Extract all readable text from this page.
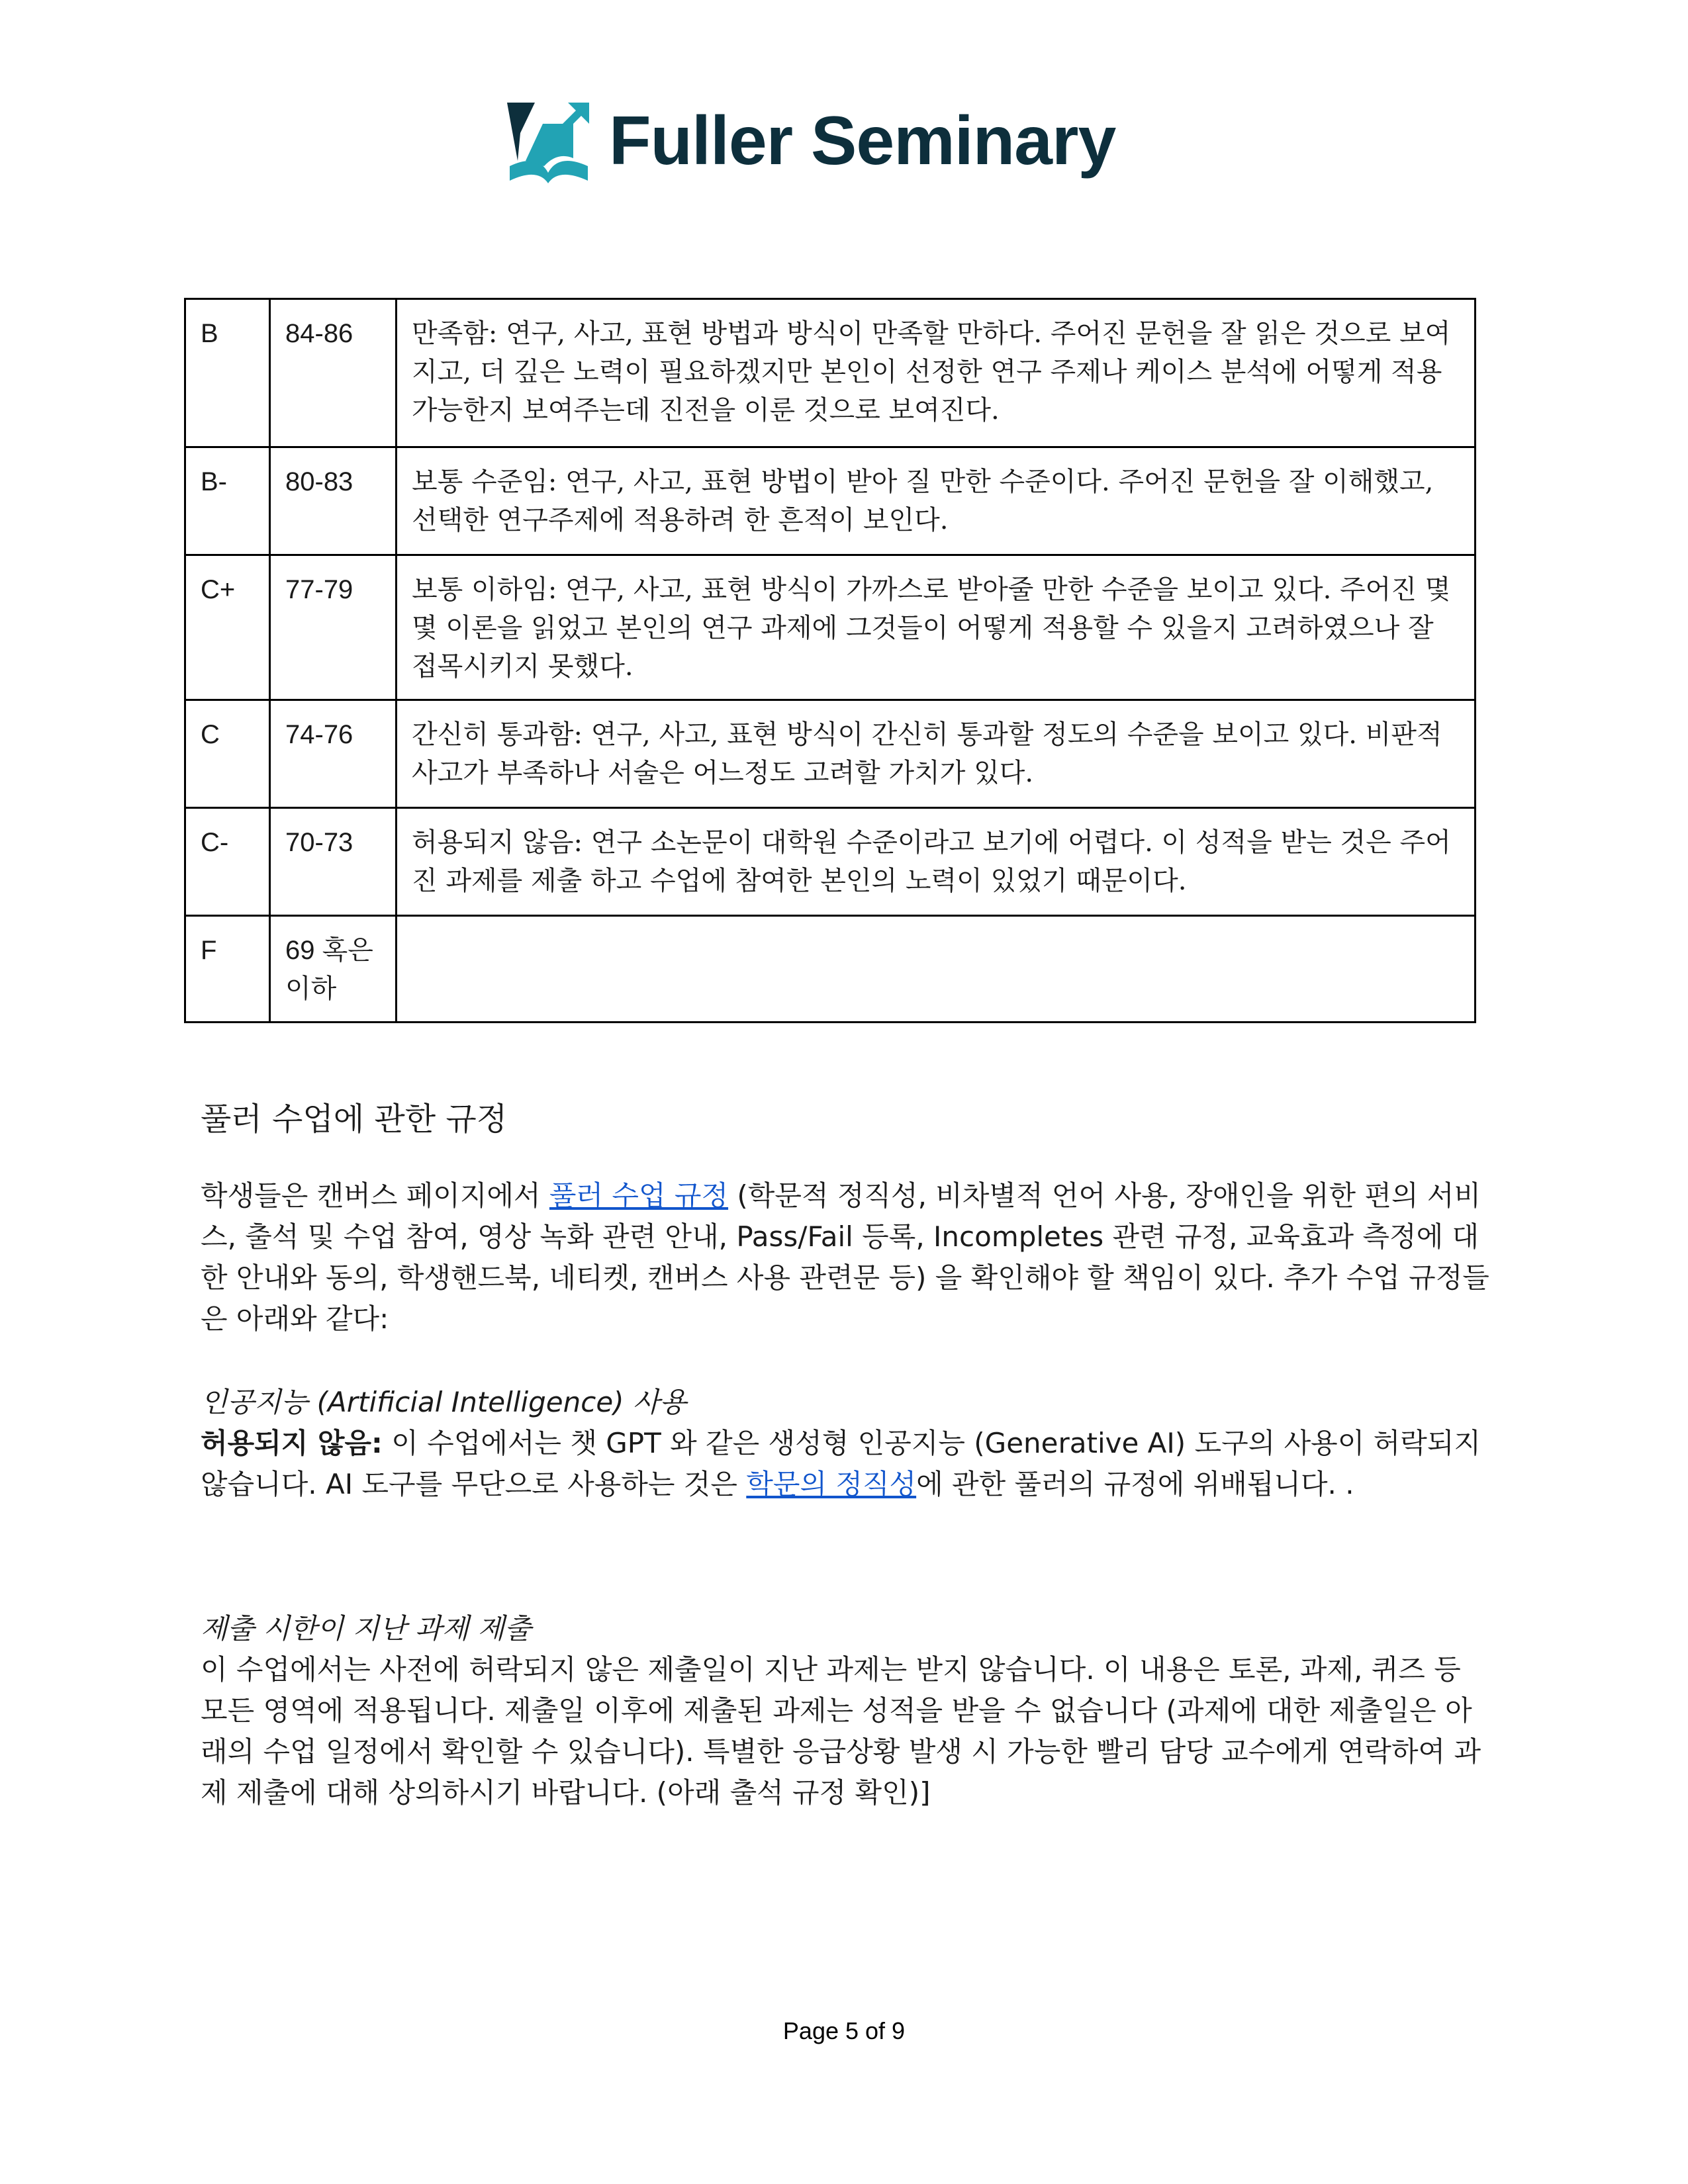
Fuller Seminary
B	84-86	만족함: 연구, 사고, 표현 방법과 방식이 만족할 만하다. 주어진 문헌을 잘 읽은 것으로 보여지고, 더 깊은 노력이 필요하겠지만 본인이 선정한 연구 주제나 케이스 분석에 어떻게 적용가능한지 보여주는데 진전을 이룬 것으로 보여진다.
B-	80-83	보통 수준임: 연구, 사고, 표현 방법이 받아 질 만한 수준이다. 주어진 문헌을 잘 이해했고, 선택한 연구주제에 적용하려 한 흔적이 보인다.
C+	77-79	보통 이하임: 연구, 사고, 표현 방식이 가까스로 받아줄 만한 수준을 보이고 있다. 주어진 몇몇 이론을 읽었고 본인의 연구 과제에 그것들이 어떻게 적용할 수 있을지 고려하였으나 잘 접목시키지 못했다.
C	74-76	간신히 통과함: 연구, 사고, 표현 방식이 간신히 통과할 정도의 수준을 보이고 있다. 비판적 사고가 부족하나 서술은 어느정도 고려할 가치가 있다.
C-	70-73	허용되지 않음: 연구 소논문이 대학원 수준이라고 보기에 어렵다. 이 성적을 받는 것은 주어진 과제를 제출 하고 수업에 참여한 본인의 노력이 있었기 때문이다.
F	69 혹은 이하	
풀러 수업에 관한 규정

학생들은 캔버스 페이지에서 풀러 수업 규정 (학문적 정직성, 비차별적 언어 사용, 장애인을 위한 편의 서비스, 출석 및 수업 참여, 영상 녹화 관련 안내, Pass/Fail 등록, Incompletes 관련 규정, 교육효과 측정에 대한 안내와 동의, 학생핸드북, 네티켓, 캔버스 사용 관련문 등) 을 확인해야 할 책임이 있다. 추가 수업 규정들은 아래와 같다:

인공지능 (Artificial Intelligence) 사용

허용되지 않음: 이 수업에서는 챗 GPT 와 같은 생성형 인공지능 (Generative AI) 도구의 사용이 허락되지 않습니다. AI 도구를 무단으로 사용하는 것은 학문의 정직성에 관한 풀러의 규정에 위배됩니다. .

제출 시한이 지난 과제 제출

이 수업에서는 사전에 허락되지 않은 제출일이 지난 과제는 받지 않습니다. 이 내용은 토론, 과제, 퀴즈 등 모든 영역에 적용됩니다. 제출일 이후에 제출된 과제는 성적을 받을 수 없습니다 (과제에 대한 제출일은 아래의 수업 일정에서 확인할 수 있습니다). 특별한 응급상황 발생 시 가능한 빨리 담당 교수에게 연락하여 과제 제출에 대해 상의하시기 바랍니다. (아래 출석 규정 확인)]

Page 5 of 9
